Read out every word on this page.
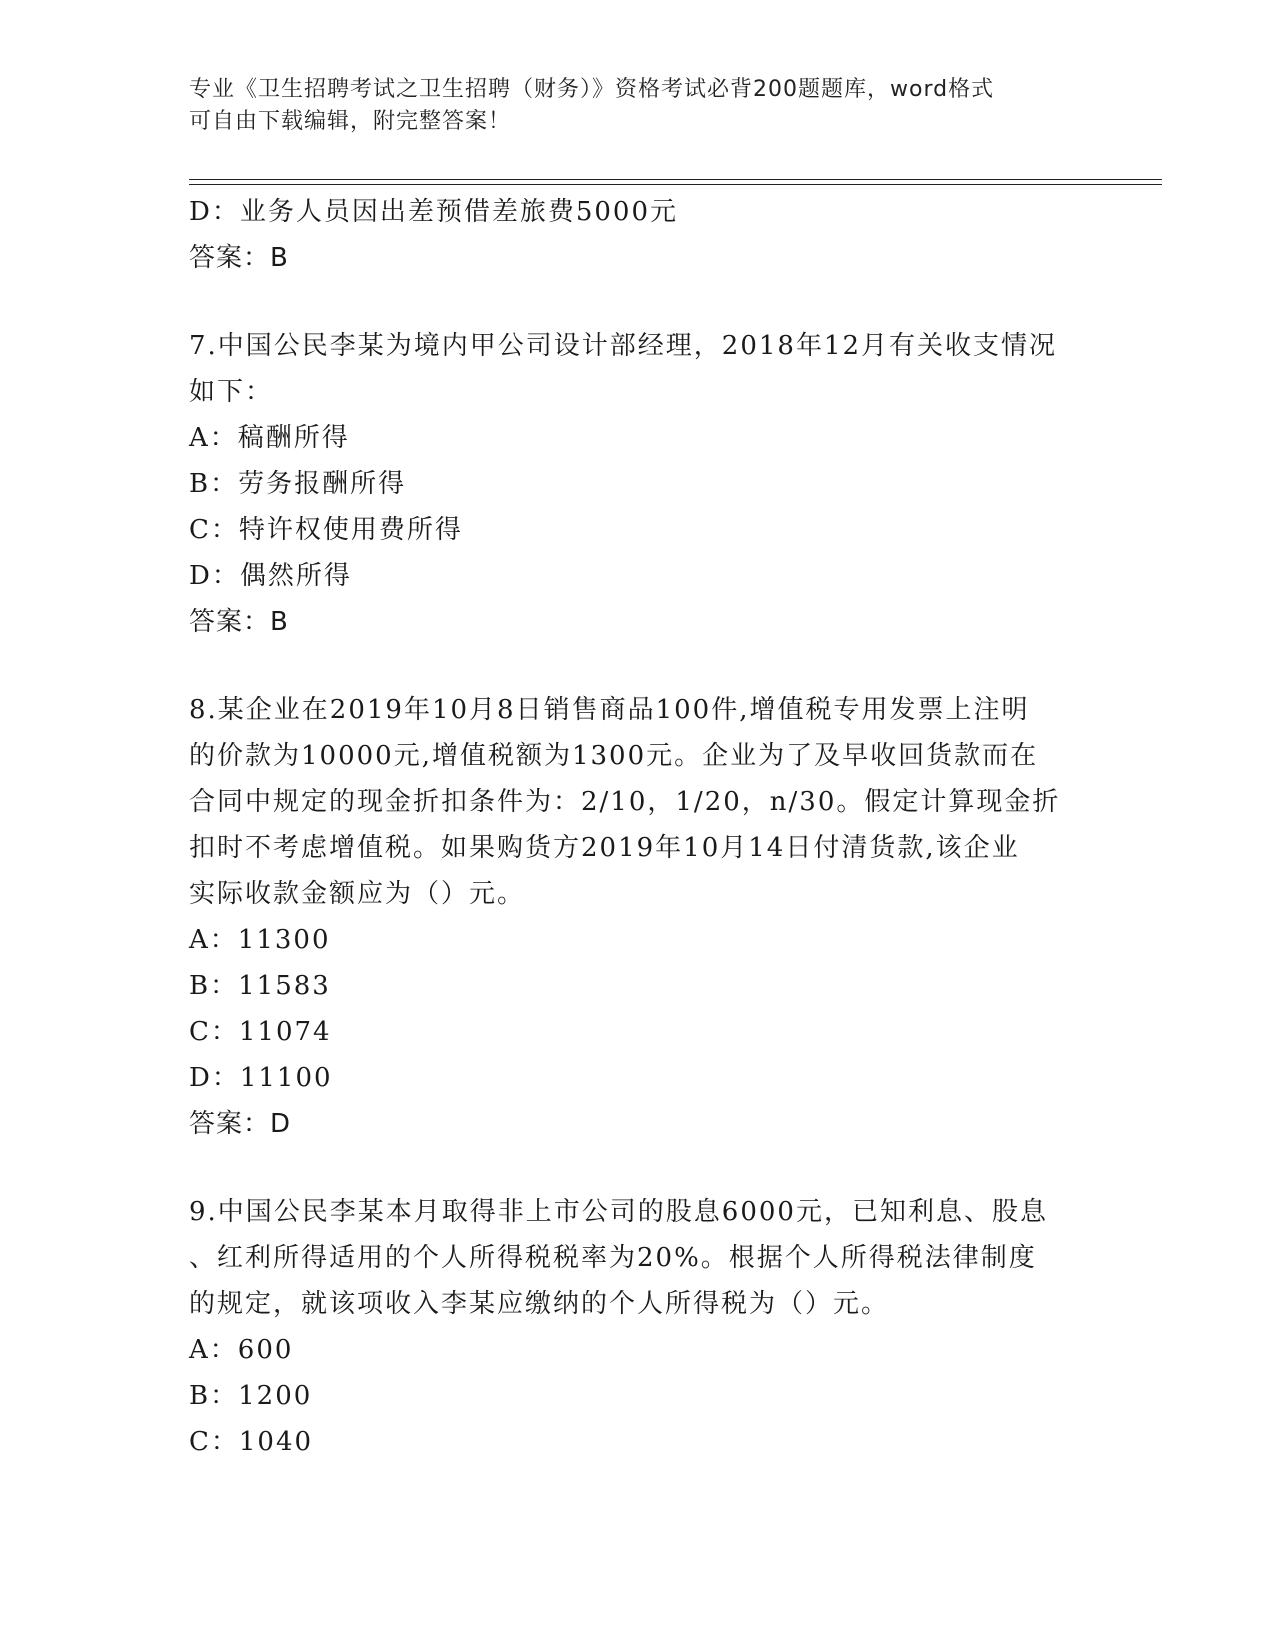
专业《卫生招聘考试之卫生招聘（财务）》资格考试必背200题题库，word格式
可自由下载编辑，附完整答案！
D：业务人员因出差预借差旅费5000元
答案：B
7.中国公民李某为境内甲公司设计部经理，2018年12月有关收支情况
如下：
A：稿酬所得
B：劳务报酬所得
C：特许权使用费所得
D：偶然所得
答案：B
8.某企业在2019年10月8日销售商品100件,增值税专用发票上注明
的价款为10000元,增值税额为1300元。企业为了及早收回货款而在
合同中规定的现金折扣条件为：2/10，1/20，n/30。假定计算现金折
扣时不考虑增值税。如果购货方2019年10月14日付清货款,该企业
实际收款金额应为（）元。
A：11300
B：11583
C：11074
D：11100
答案：D
9.中国公民李某本月取得非上市公司的股息6000元，已知利息、股息
、红利所得适用的个人所得税税率为20%。根据个人所得税法律制度
的规定，就该项收入李某应缴纳的个人所得税为（）元。
A：600
B：1200
C：1040
